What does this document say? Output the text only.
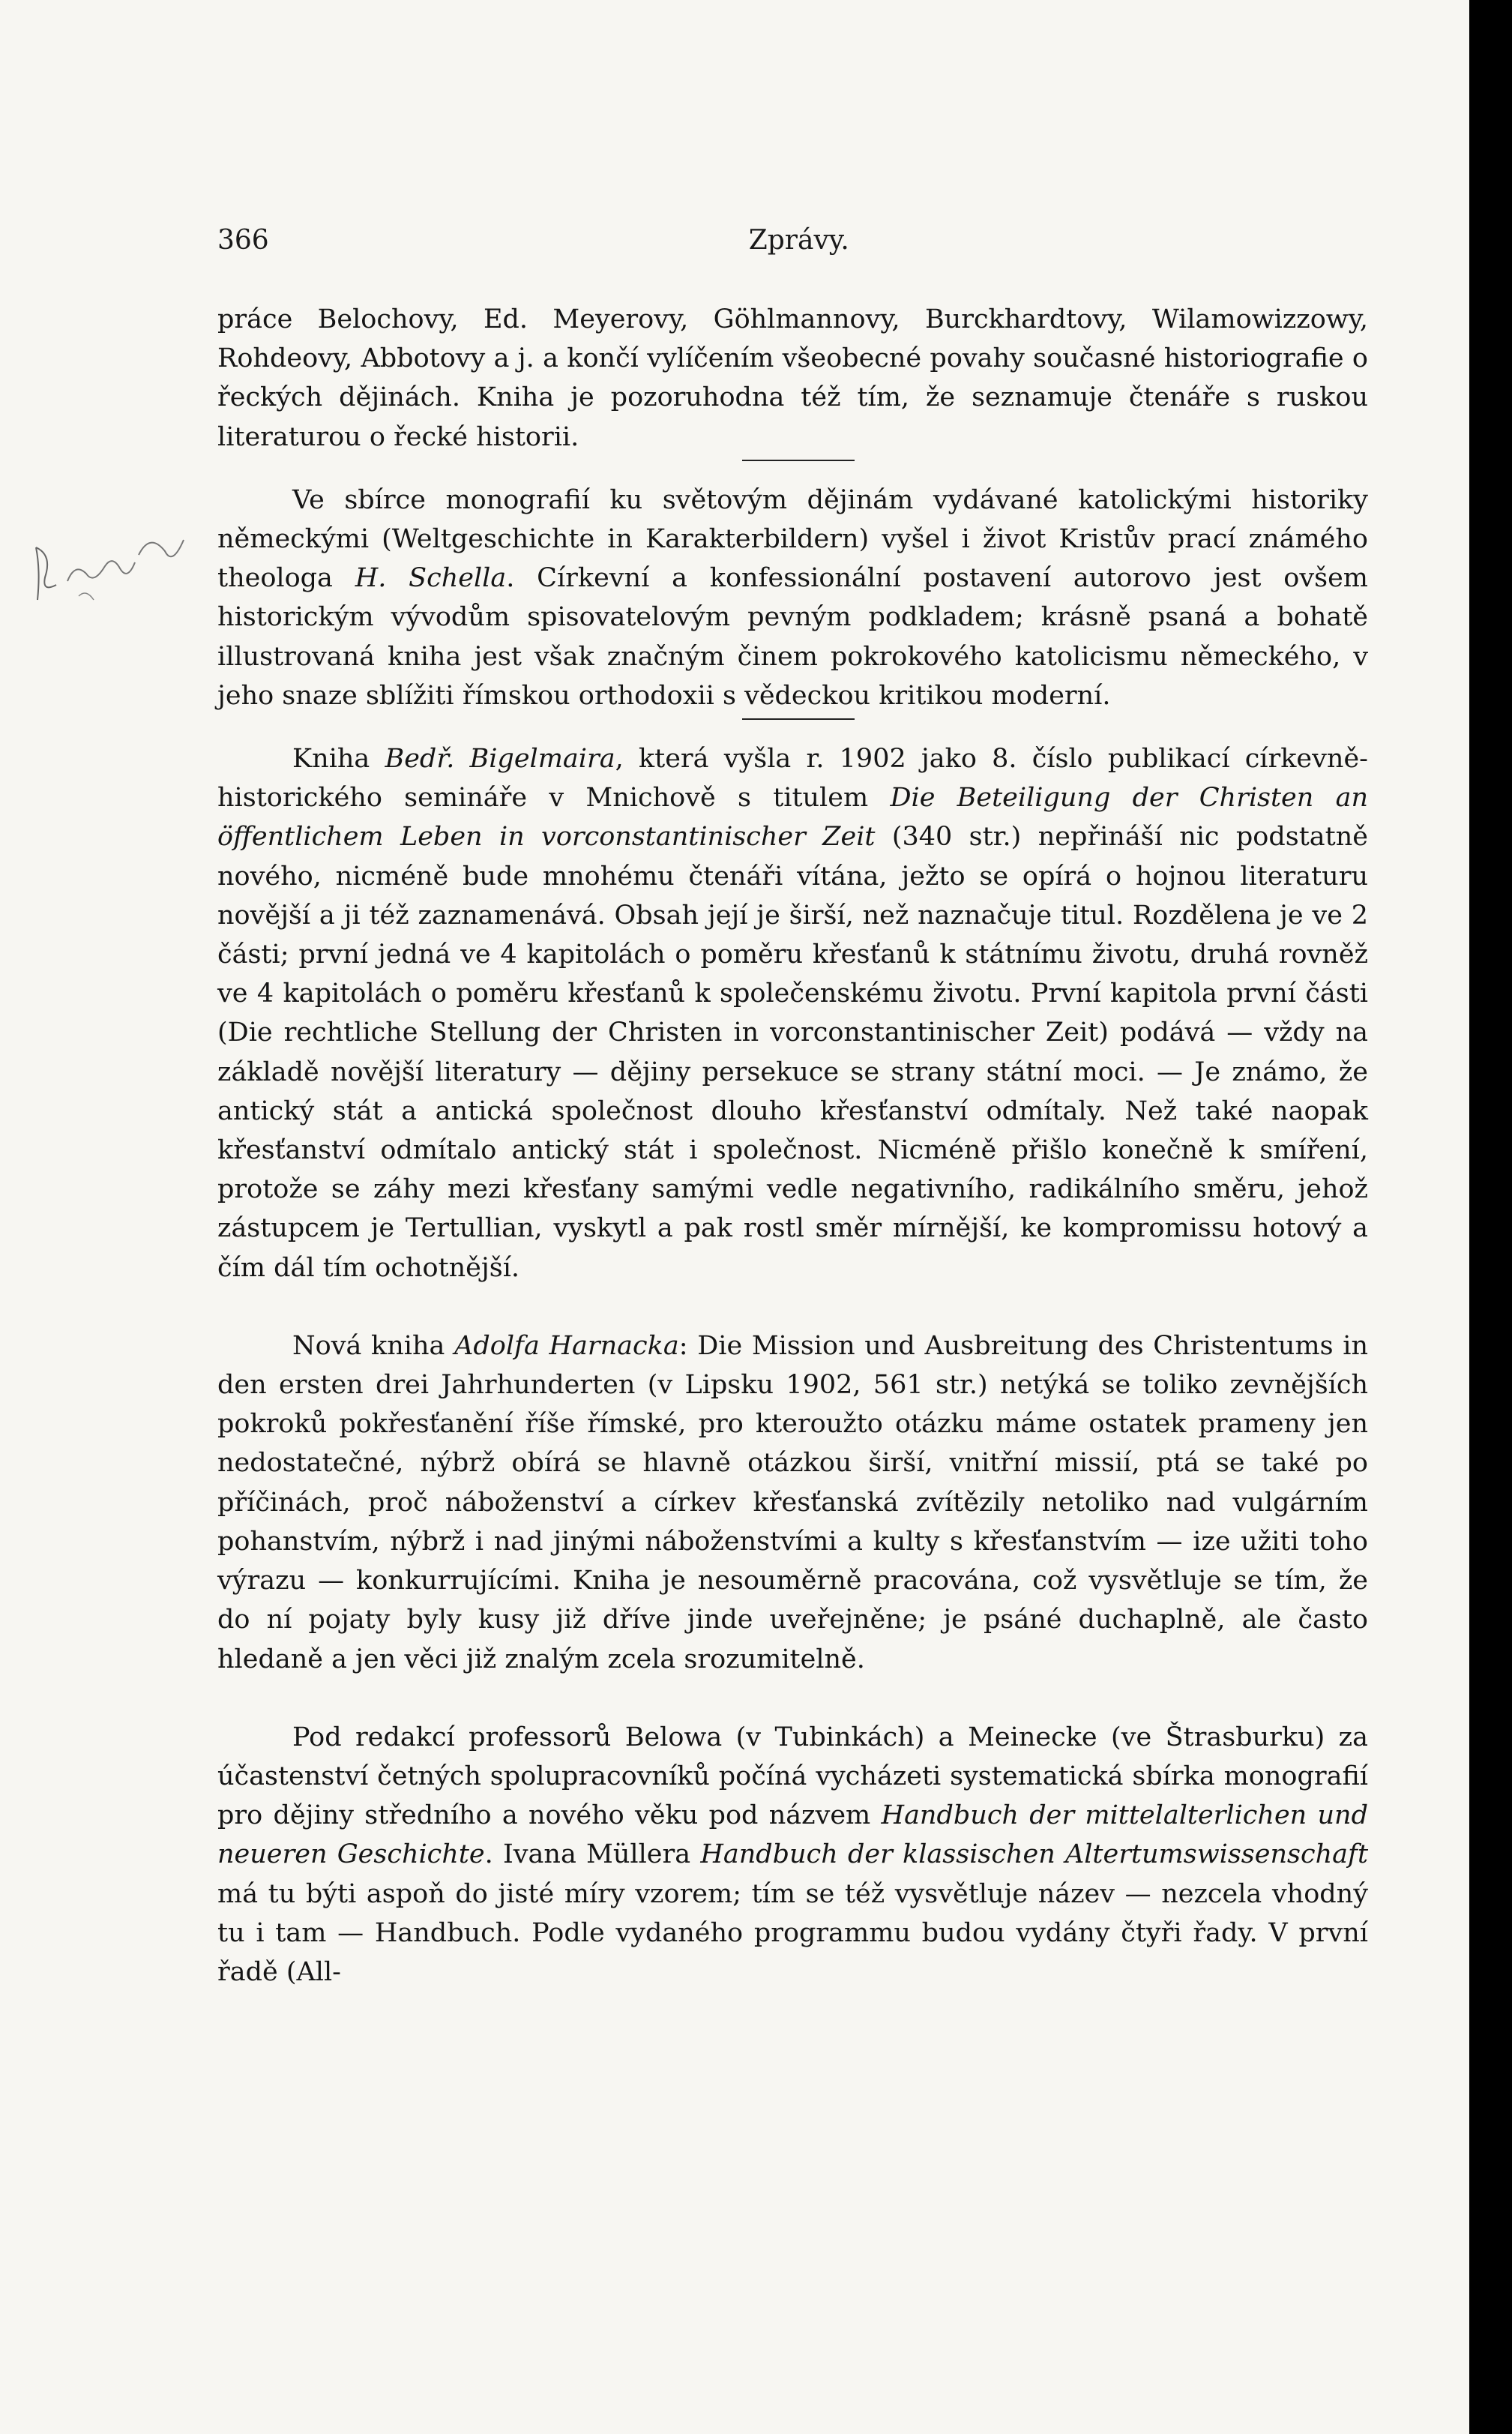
366	Zprávy.

práce Belochovy, Ed. Meyerovy, Göhlmannovy, Burckhardtovy, Wilamowizzowy, Rohdeovy, Abbotovy a j. a končí vylíčením všeobecné povahy současné historiografie o řeckých dějinách. Kniha je pozoruhodna též tím, že seznamuje čtenáře s ruskou literaturou o řecké historii.

Ve sbírce monografií ku světovým dějinám vydávané katolickými historiky německými (Weltgeschichte in Karakterbildern) vyšel i život Kristův prací známého theologa H. Schella. Církevní a konfessionální postavení autorovo jest ovšem historickým vývodům spisovatelovým pevným podkladem; krásně psaná a bohatě illustrovaná kniha jest však značným činem pokrokového katolicismu německého, v jeho snaze sblížiti římskou orthodoxii s vědeckou kritikou moderní.

Kniha Bedř. Bigelmaira, která vyšla r. 1902 jako 8. číslo publikací církevně-historického semináře v Mnichově s titulem Die Beteiligung der Christen an öffentlichem Leben in vorconstantinischer Zeit (340 str.) nepřináší nic podstatně nového, nicméně bude mnohému čtenáři vítána, ježto se opírá o hojnou literaturu novější a ji též zaznamenává. Obsah její je širší, než naznačuje titul. Rozdělena je ve 2 části; první jedná ve 4 kapitolách o poměru křesťanů k státnímu životu, druhá rovněž ve 4 kapitolách o poměru křesťanů k společenskému životu. První kapitola první části (Die rechtliche Stellung der Christen in vorconstantinischer Zeit) podává — vždy na základě novější literatury — dějiny persekuce se strany státní moci. — Je známo, že antický stát a antická společnost dlouho křesťanství odmítaly. Než také naopak křesťanství odmítalo antický stát i společnost. Nicméně přišlo konečně k smíření, protože se záhy mezi křesťany samými vedle negativního, radikálního směru, jehož zástupcem je Tertullian, vyskytl a pak rostl směr mírnější, ke kompromissu hotový a čím dál tím ochotnější.

Nová kniha Adolfa Harnacka: Die Mission und Ausbreitung des Christentums in den ersten drei Jahrhunderten (v Lipsku 1902, 561 str.) netýká se toliko zevnějších pokroků pokřesťanění říše římské, pro kteroužto otázku máme ostatek prameny jen nedostatečné, nýbrž obírá se hlavně otázkou širší, vnitřní missií, ptá se také po příčinách, proč náboženství a církev křesťanská zvítězily netoliko nad vulgárním pohanstvím, nýbrž i nad jinými náboženstvími a kulty s křesťanstvím — ize užiti toho výrazu — konkurrujícími. Kniha je nesouměrně pracována, což vysvětluje se tím, že do ní pojaty byly kusy již dříve jinde uveřejněne; je psáné duchaplně, ale často hledaně a jen věci již znalým zcela srozumitelně.

Pod redakcí professorů Belowa (v Tubinkách) a Meinecke (ve Štrasburku) za účastenství četných spolupracovníků počíná vycházeti systematická sbírka monografií pro dějiny středního a nového věku pod názvem Handbuch der mittelalterlichen und neueren Geschichte. Ivana Müllera Handbuch der klassischen Altertumswissenschaft má tu býti aspoň do jisté míry vzorem; tím se též vysvětluje název — nezcela vhodný tu i tam — Handbuch. Podle vydaného programmu budou vydány čtyři řady. V první řadě (All-
